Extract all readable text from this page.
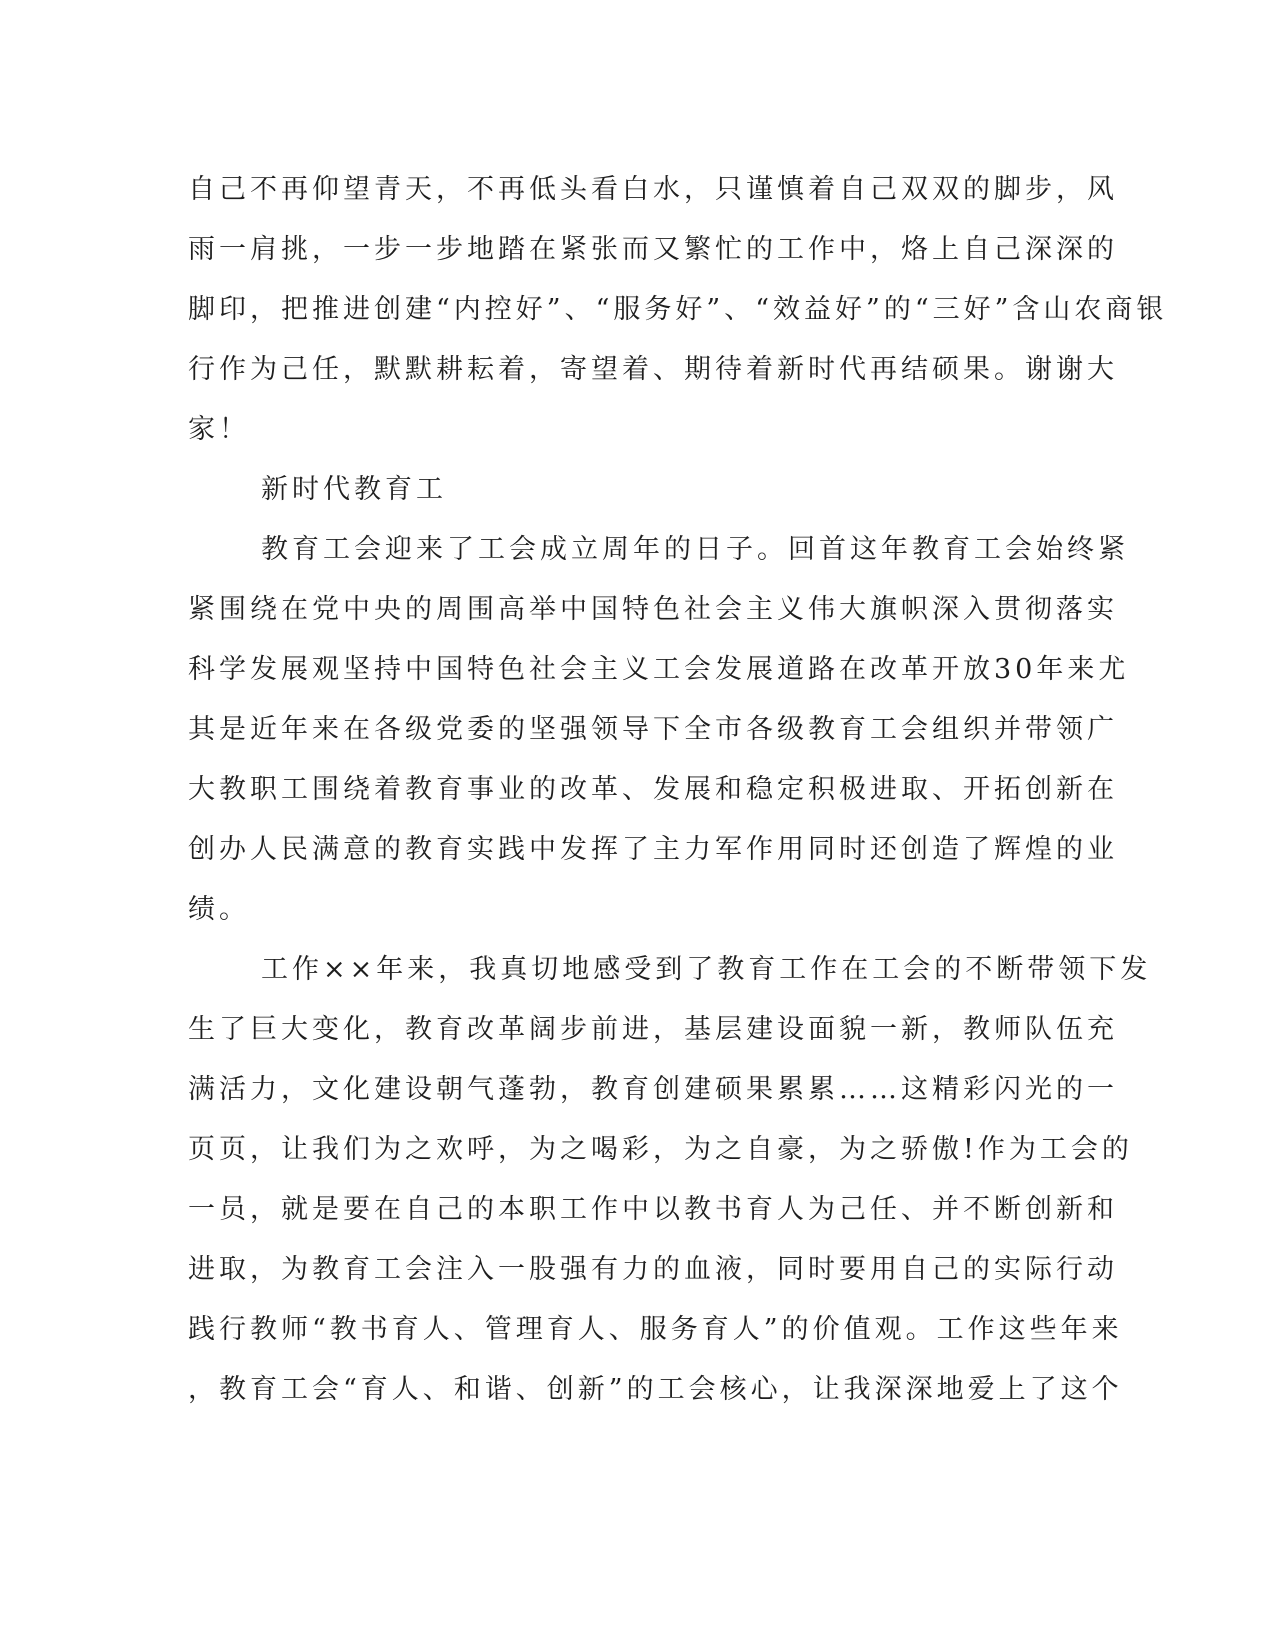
自己不再仰望青天，不再低头看白水，只谨慎着自己双双的脚步，风
雨一肩挑，一步一步地踏在紧张而又繁忙的工作中，烙上自己深深的
脚印，把推进创建“内控好”、“服务好”、“效益好”的“三好”含山农商银
行作为己任，默默耕耘着，寄望着、期待着新时代再结硕果。谢谢大
家！
新时代教育工
教育工会迎来了工会成立周年的日子。回首这年教育工会始终紧
紧围绕在党中央的周围高举中国特色社会主义伟大旗帜深入贯彻落实
科学发展观坚持中国特色社会主义工会发展道路在改革开放30年来尤
其是近年来在各级党委的坚强领导下全市各级教育工会组织并带领广
大教职工围绕着教育事业的改革、发展和稳定积极进取、开拓创新在
创办人民满意的教育实践中发挥了主力军作用同时还创造了辉煌的业
绩。
工作××年来，我真切地感受到了教育工作在工会的不断带领下发
生了巨大变化，教育改革阔步前进，基层建设面貌一新，教师队伍充
满活力，文化建设朝气蓬勃，教育创建硕果累累……这精彩闪光的一
页页，让我们为之欢呼，为之喝彩，为之自豪，为之骄傲!作为工会的
一员，就是要在自己的本职工作中以教书育人为己任、并不断创新和
进取，为教育工会注入一股强有力的血液，同时要用自己的实际行动
践行教师“教书育人、管理育人、服务育人”的价值观。工作这些年来
，教育工会“育人、和谐、创新”的工会核心，让我深深地爱上了这个
